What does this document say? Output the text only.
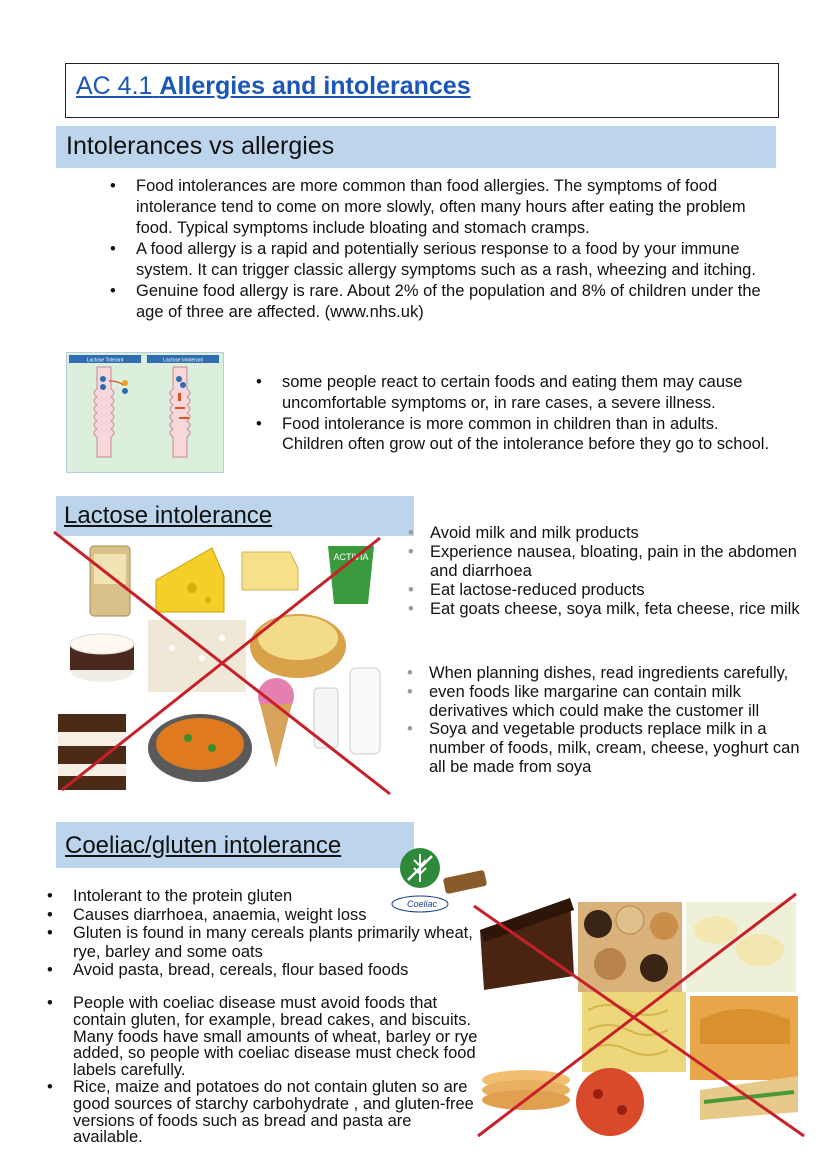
AC 4.1 Allergies and intolerances
Intolerances vs allergies
• Food intolerances are more common than food allergies. The symptoms of food intolerance tend to come on more slowly, often many hours after eating the problem food. Typical symptoms include bloating and stomach cramps.
• A food allergy is a rapid and potentially serious response to a food by your immune system. It can trigger classic allergy symptoms such as a rash, wheezing and itching.
• Genuine food allergy is rare. About 2% of the population and 8% of children under the age of three are affected. (www.nhs.uk)
Lactose Tolerant	Lactose Intolerant
• some people react to certain foods and eating them may cause uncomfortable symptoms or, in rare cases, a severe illness.
• Food intolerance is more common in children than in adults. Children often grow out of the intolerance before they go to school.
Lactose intolerance
ACTIVIA
• Avoid milk and milk products
• Experience nausea, bloating, pain in the abdomen and diarrhoea
• Eat lactose-reduced products
• Eat goats cheese, soya milk, feta cheese, rice milk
• When planning dishes, read ingredients carefully,
• even foods like margarine can contain milk derivatives which could make the customer ill
• Soya and vegetable products replace milk in a number of foods, milk, cream, cheese, yoghurt can all be made from soya
Coeliac/gluten intolerance
Coeliac
• Intolerant to the protein gluten
• Causes diarrhoea, anaemia, weight loss
• Gluten is found in many cereals plants primarily wheat, rye, barley and some oats
• Avoid pasta, bread, cereals, flour based foods
• People with coeliac disease must avoid foods that contain gluten, for example, bread cakes, and biscuits. Many foods have small amounts of wheat, barley or rye added, so people with coeliac disease must check food labels carefully.
• Rice, maize and potatoes do not contain gluten so are good sources of starchy carbohydrate , and gluten-free versions of foods such as bread and pasta are available.
